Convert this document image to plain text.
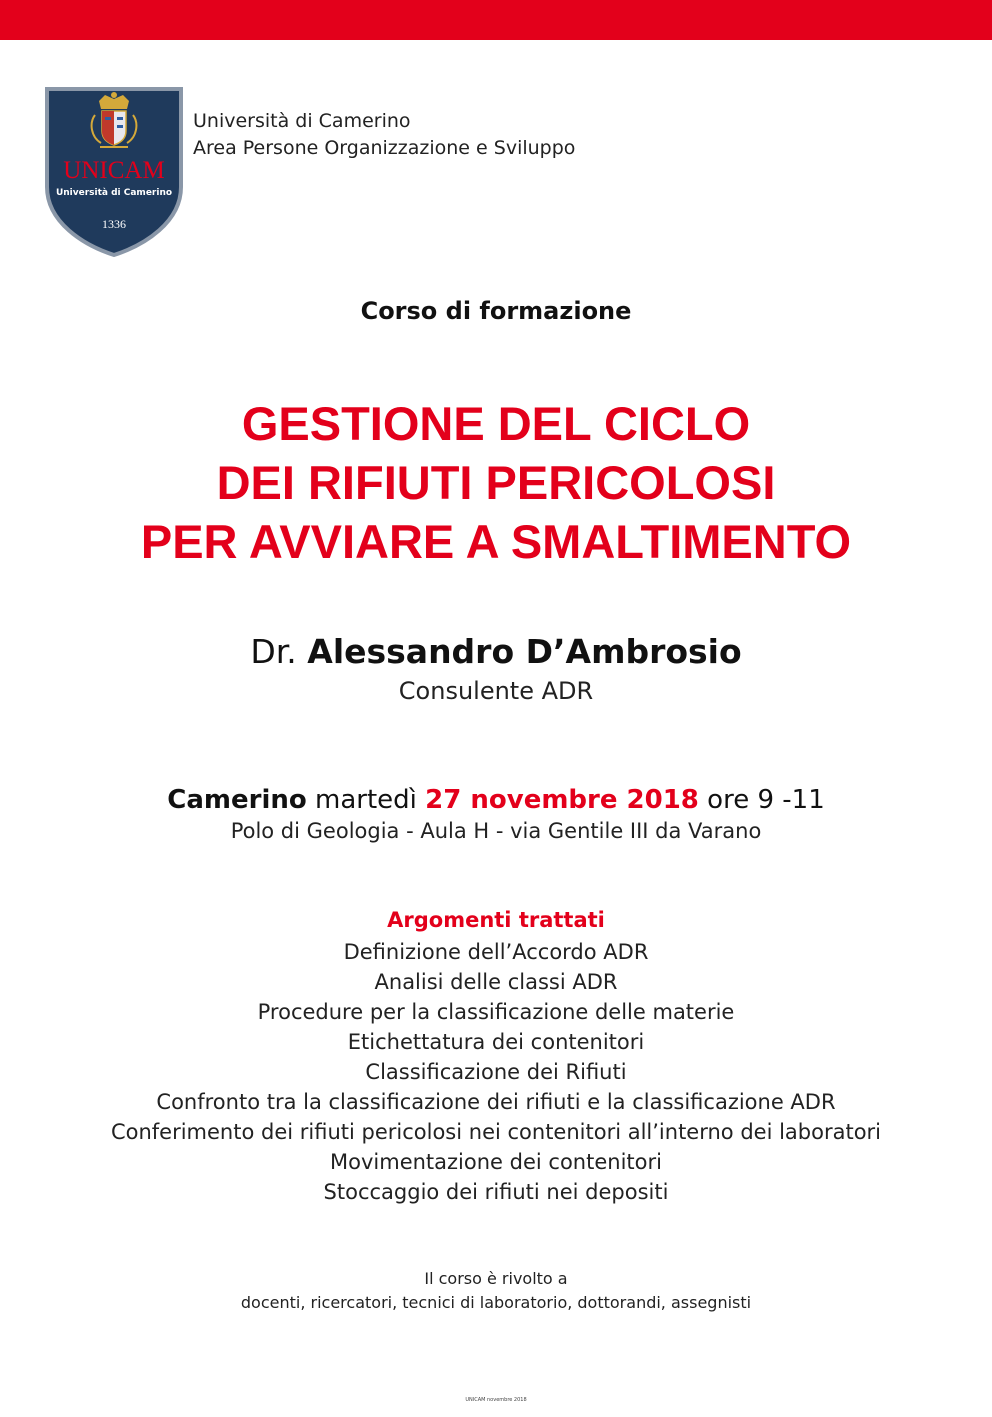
UNICAM
Università di Camerino
1336
Università di Camerino
Area Persone Organizzazione e Sviluppo
Corso di formazione
GESTIONE DEL CICLO
DEI RIFIUTI PERICOLOSI
PER AVVIARE A SMALTIMENTO
Dr. Alessandro D’Ambrosio
Consulente ADR
Camerino martedì 27 novembre 2018 ore 9 -11
Polo di Geologia - Aula H - via Gentile III da Varano
Argomenti trattati
Definizione dell’Accordo ADR
Analisi delle classi ADR
Procedure per la classificazione delle materie
Etichettatura dei contenitori
Classificazione dei Rifiuti
Confronto tra la classificazione dei rifiuti e la classificazione ADR
Conferimento dei rifiuti pericolosi nei contenitori all’interno dei laboratori
Movimentazione dei contenitori
Stoccaggio dei rifiuti nei depositi
Il corso è rivolto a
docenti, ricercatori, tecnici di laboratorio, dottorandi, assegnisti
UNICAM novembre 2018
